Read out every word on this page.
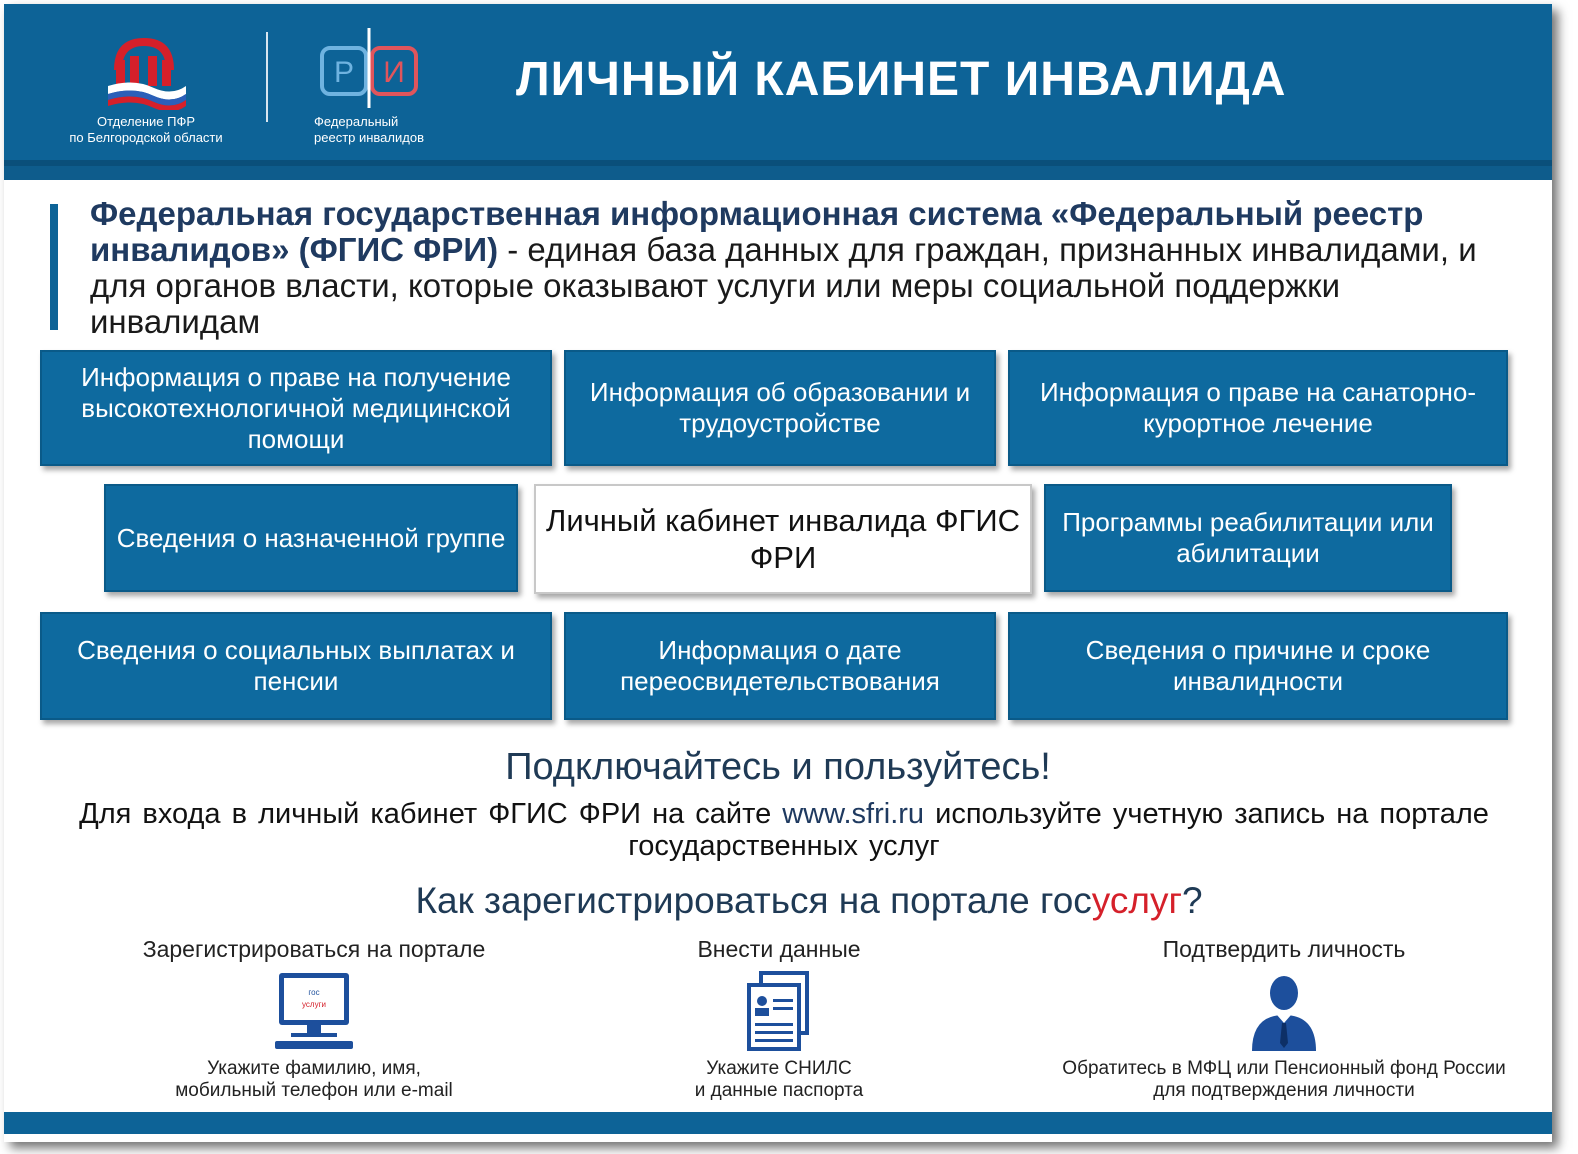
Отделение ПФР
по Белгородской области
Р И
Федеральный
реестр инвалидов
ЛИЧНЫЙ КАБИНЕТ ИНВАЛИДА
Федеральная государственная информационная система «Федеральный реестр инвалидов» (ФГИС ФРИ) - единая база данных для граждан, признанных инвалидами, и для органов власти, которые оказывают услуги или меры социальной поддержки инвалидам
Информация о праве на получение высокотехнологичной медицинской помощи
Информация об образовании и трудоустройстве
Информация о праве на санаторно-курортное лечение
Сведения о назначенной группе	Личный кабинет инвалида ФГИС ФРИ
Программы реабилитации или абилитации
Сведения о социальных выплатах и пенсии
Информация о дате переосвидетельствования
Сведения о причине и сроке инвалидности
Подключайтесь и пользуйтесь!
Для входа в личный кабинет ФГИС ФРИ на сайте www.sfri.ru используйте учетную запись на портале государственных услуг
Как зарегистрироваться на портале госуслуг?
Зарегистрироваться на портале
гос
услуги
Укажите фамилию, имя,
мобильный телефон или e-mail
Внести данные
Укажите СНИЛС
и данные паспорта
Подтвердить личность
Обратитесь в МФЦ или Пенсионный фонд России
для подтверждения личности
